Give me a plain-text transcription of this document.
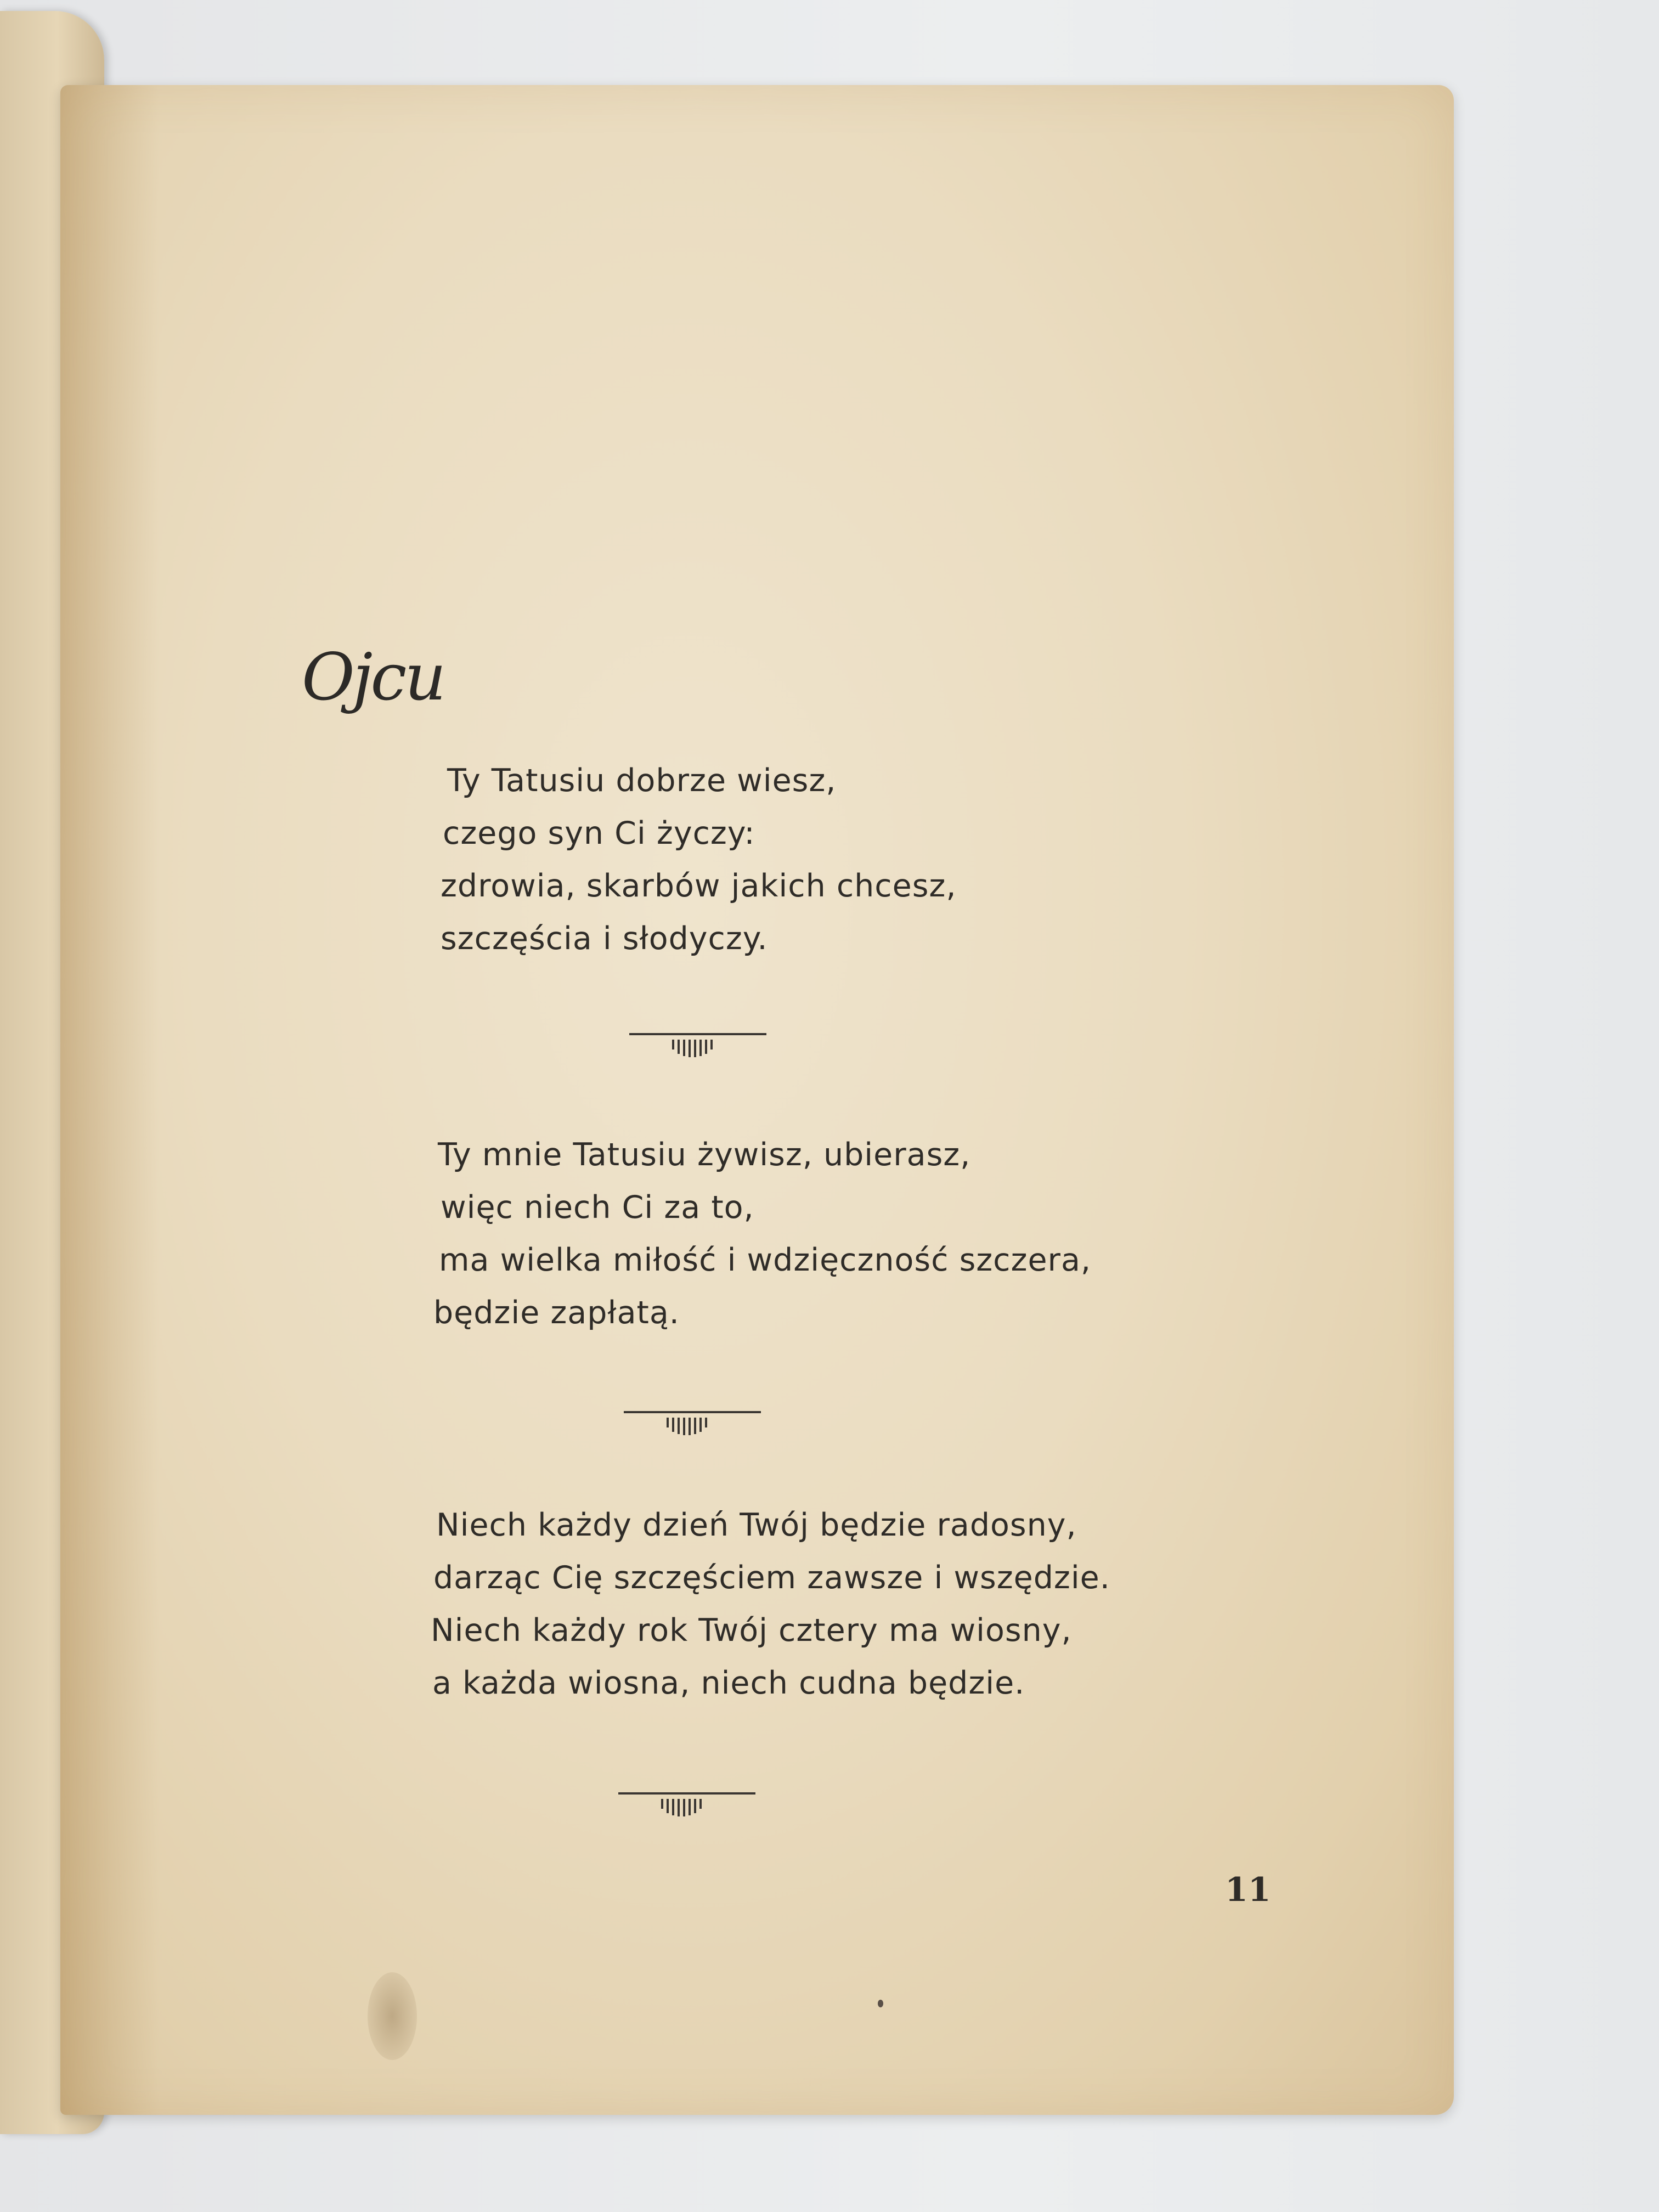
Ojcu
Ty Tatusiu dobrze wiesz,
czego syn Ci życzy:
zdrowia, skarbów jakich chcesz,
szczęścia i słodyczy.
Ty mnie Tatusiu żywisz, ubierasz,
więc niech Ci za to,
ma wielka miłość i wdzięczność szczera,
będzie zapłatą.
Niech każdy dzień Twój będzie radosny,
darząc Cię szczęściem zawsze i wszędzie.
Niech każdy rok Twój cztery ma wiosny,
a każda wiosna, niech cudna będzie.
11
